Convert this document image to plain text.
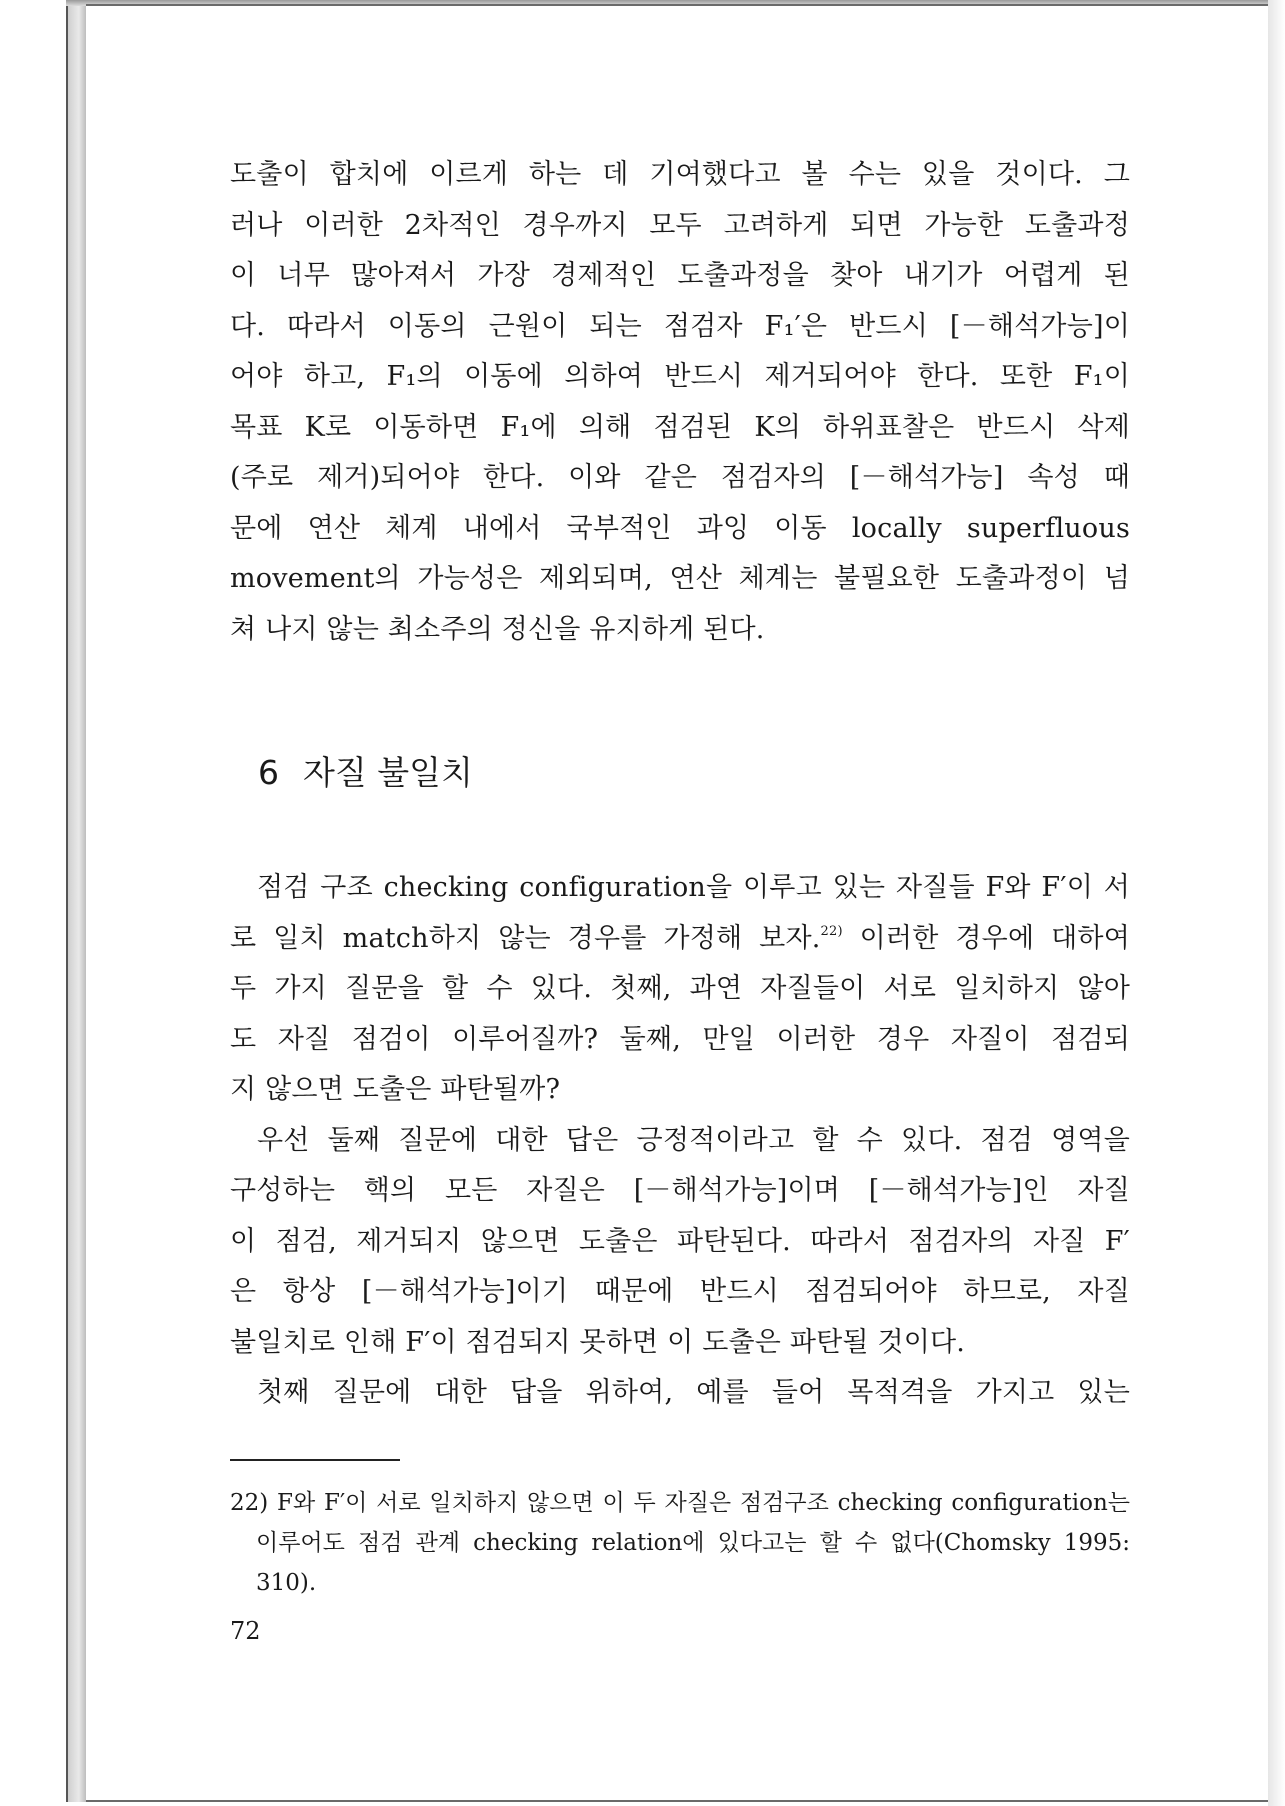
도출이 합치에 이르게 하는 데 기여했다고 볼 수는 있을 것이다. 그

러나 이러한 2차적인 경우까지 모두 고려하게 되면 가능한 도출과정

이 너무 많아져서 가장 경제적인 도출과정을 찾아 내기가 어렵게 된

다. 따라서 이동의 근원이 되는 점검자 F₁′은 반드시 [－해석가능]이

어야 하고, F₁의 이동에 의하여 반드시 제거되어야 한다. 또한 F₁이

목표 K로 이동하면 F₁에 의해 점검된 K의 하위표찰은 반드시 삭제

(주로 제거)되어야 한다. 이와 같은 점검자의 [－해석가능] 속성 때

문에 연산 체계 내에서 국부적인 과잉 이동 locally superfluous

movement의 가능성은 제외되며, 연산 체계는 불필요한 도출과정이 넘

쳐 나지 않는 최소주의 정신을 유지하게 된다.

6 자질 불일치

점검 구조 checking configuration을 이루고 있는 자질들 F와 F′이 서

로 일치 match하지 않는 경우를 가정해 보자.$^{22)}$ 이러한 경우에 대하여

두 가지 질문을 할 수 있다. 첫째, 과연 자질들이 서로 일치하지 않아

도 자질 점검이 이루어질까? 둘째, 만일 이러한 경우 자질이 점검되

지 않으면 도출은 파탄될까?

우선 둘째 질문에 대한 답은 긍정적이라고 할 수 있다. 점검 영역을

구성하는 핵의 모든 자질은 [－해석가능]이며 [－해석가능]인 자질

이 점검, 제거되지 않으면 도출은 파탄된다. 따라서 점검자의 자질 F′

은 항상 [－해석가능]이기 때문에 반드시 점검되어야 하므로, 자질

불일치로 인해 F′이 점검되지 못하면 이 도출은 파탄될 것이다.

첫째 질문에 대한 답을 위하여, 예를 들어 목적격을 가지고 있는

22) F와 F′이 서로 일치하지 않으면 이 두 자질은 점검구조 checking configuration는

이루어도 점검 관계 checking relation에 있다고는 할 수 없다(Chomsky 1995:

310).

72
